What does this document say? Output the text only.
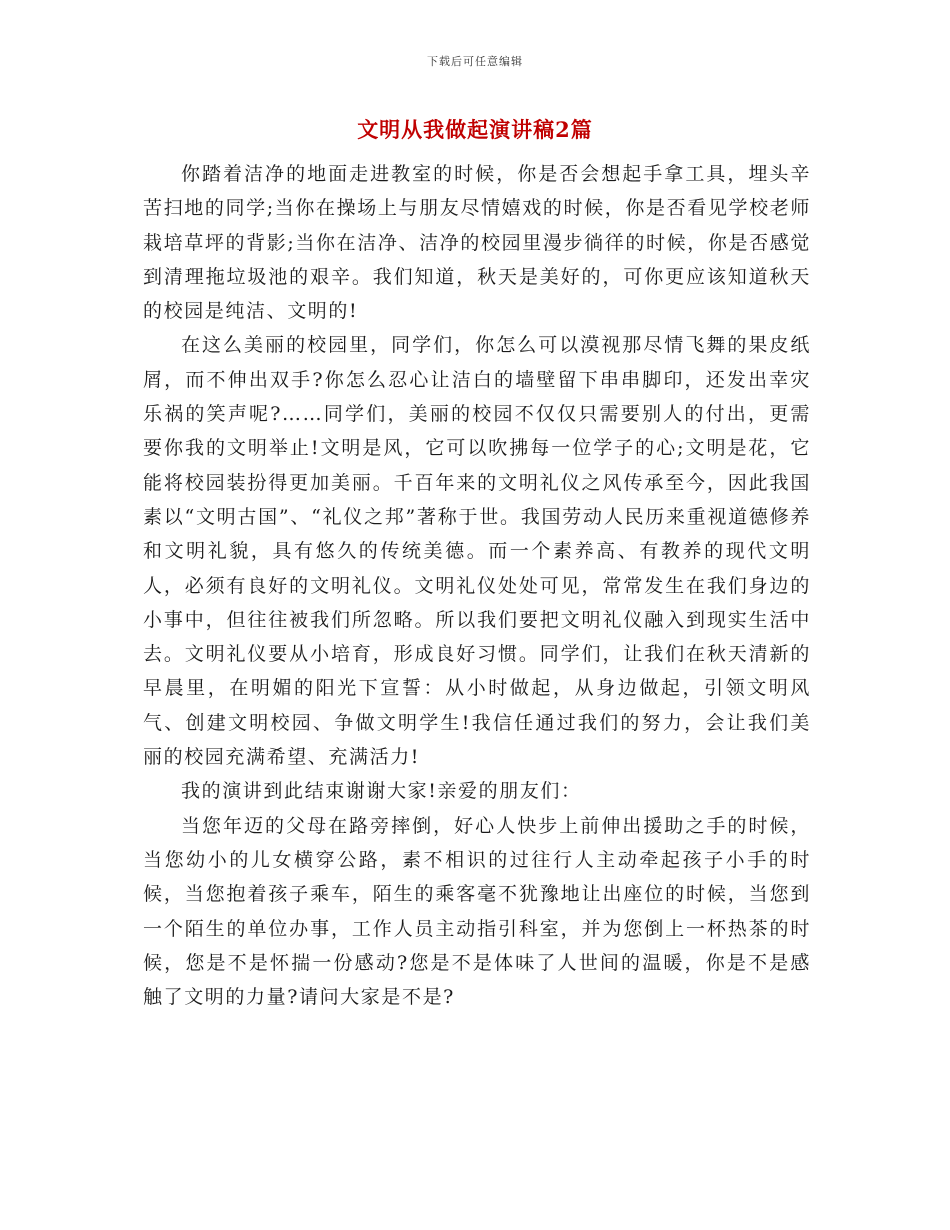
下载后可任意编辑
文明从我做起演讲稿2篇

你踏着洁净的地面走进教室的时候，你是否会想起手拿工具，埋头辛苦扫地的同学;当你在操场上与朋友尽情嬉戏的时候，你是否看见学校老师栽培草坪的背影;当你在洁净、洁净的校园里漫步徜徉的时候，你是否感觉到清理拖垃圾池的艰辛。我们知道，秋天是美好的，可你更应该知道秋天的校园是纯洁、文明的!

在这么美丽的校园里，同学们，你怎么可以漠视那尽情飞舞的果皮纸屑，而不伸出双手?你怎么忍心让洁白的墙壁留下串串脚印，还发出幸灾乐祸的笑声呢?……同学们，美丽的校园不仅仅只需要别人的付出，更需要你我的文明举止!文明是风，它可以吹拂每一位学子的心;文明是花，它能将校园装扮得更加美丽。千百年来的文明礼仪之风传承至今，因此我国素以“文明古国”、“礼仪之邦”著称于世。我国劳动人民历来重视道德修养和文明礼貌，具有悠久的传统美德。而一个素养高、有教养的现代文明人，必须有良好的文明礼仪。文明礼仪处处可见，常常发生在我们身边的小事中，但往往被我们所忽略。所以我们要把文明礼仪融入到现实生活中去。文明礼仪要从小培育，形成良好习惯。同学们，让我们在秋天清新的早晨里，在明媚的阳光下宣誓：从小时做起，从身边做起，引领文明风气、创建文明校园、争做文明学生!我信任通过我们的努力，会让我们美丽的校园充满希望、充满活力!

我的演讲到此结束谢谢大家!亲爱的朋友们：

当您年迈的父母在路旁摔倒，好心人快步上前伸出援助之手的时候，当您幼小的儿女横穿公路，素不相识的过往行人主动牵起孩子小手的时候，当您抱着孩子乘车，陌生的乘客毫不犹豫地让出座位的时候，当您到一个陌生的单位办事，工作人员主动指引科室，并为您倒上一杯热茶的时候，您是不是怀揣一份感动?您是不是体味了人世间的温暖，你是不是感触了文明的力量?请问大家是不是?
